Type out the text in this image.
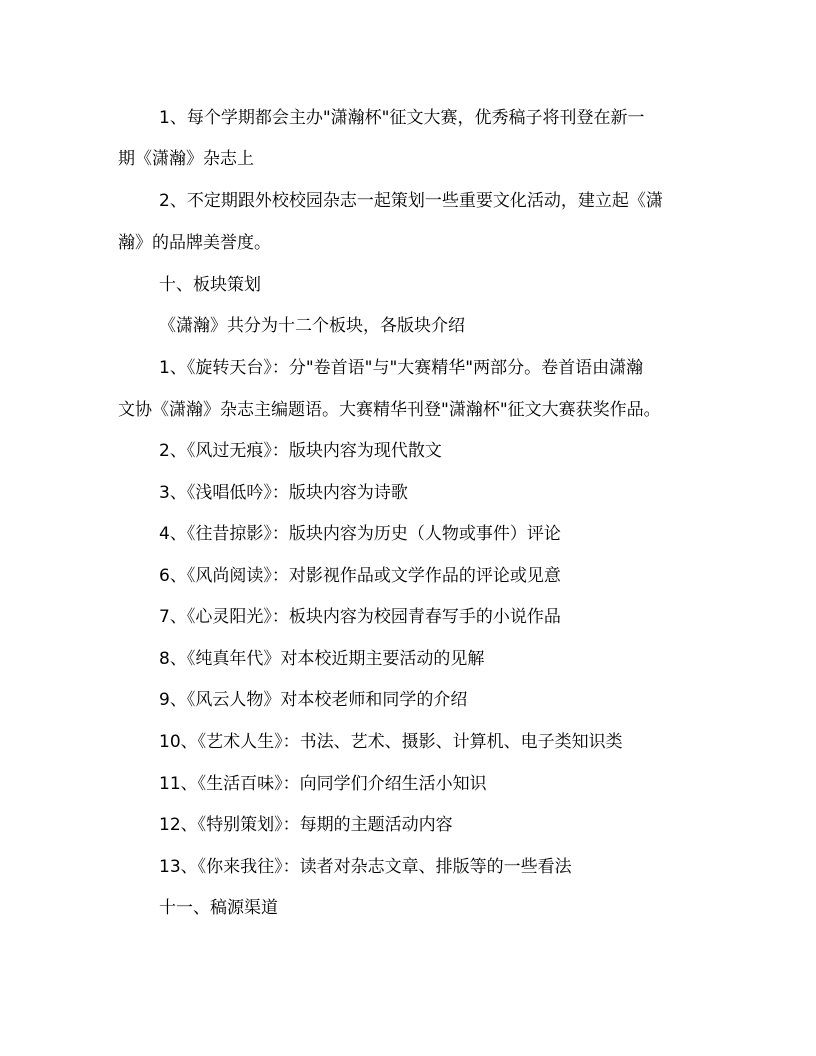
1、每个学期都会主办"潇瀚杯"征文大赛，优秀稿子将刊登在新一
期《潇瀚》杂志上
2、不定期跟外校校园杂志一起策划一些重要文化活动，建立起《潇
瀚》的品牌美誉度。
十、板块策划
《潇瀚》共分为十二个板块，各版块介绍
1、《旋转天台》：分"卷首语"与"大赛精华"两部分。卷首语由潇瀚
文协《潇瀚》杂志主编题语。大赛精华刊登"潇瀚杯"征文大赛获奖作品。
2、《风过无痕》：版块内容为现代散文
3、《浅唱低吟》：版块内容为诗歌
4、《往昔掠影》：版块内容为历史（人物或事件）评论
6、《风尚阅读》：对影视作品或文学作品的评论或见意
7、《心灵阳光》：板块内容为校园青春写手的小说作品
8、《纯真年代》对本校近期主要活动的见解
9、《风云人物》对本校老师和同学的介绍
10、《艺术人生》：书法、艺术、摄影、计算机、电子类知识类
11、《生活百味》：向同学们介绍生活小知识
12、《特别策划》：每期的主题活动内容
13、《你来我往》：读者对杂志文章、排版等的一些看法
十一、稿源渠道
